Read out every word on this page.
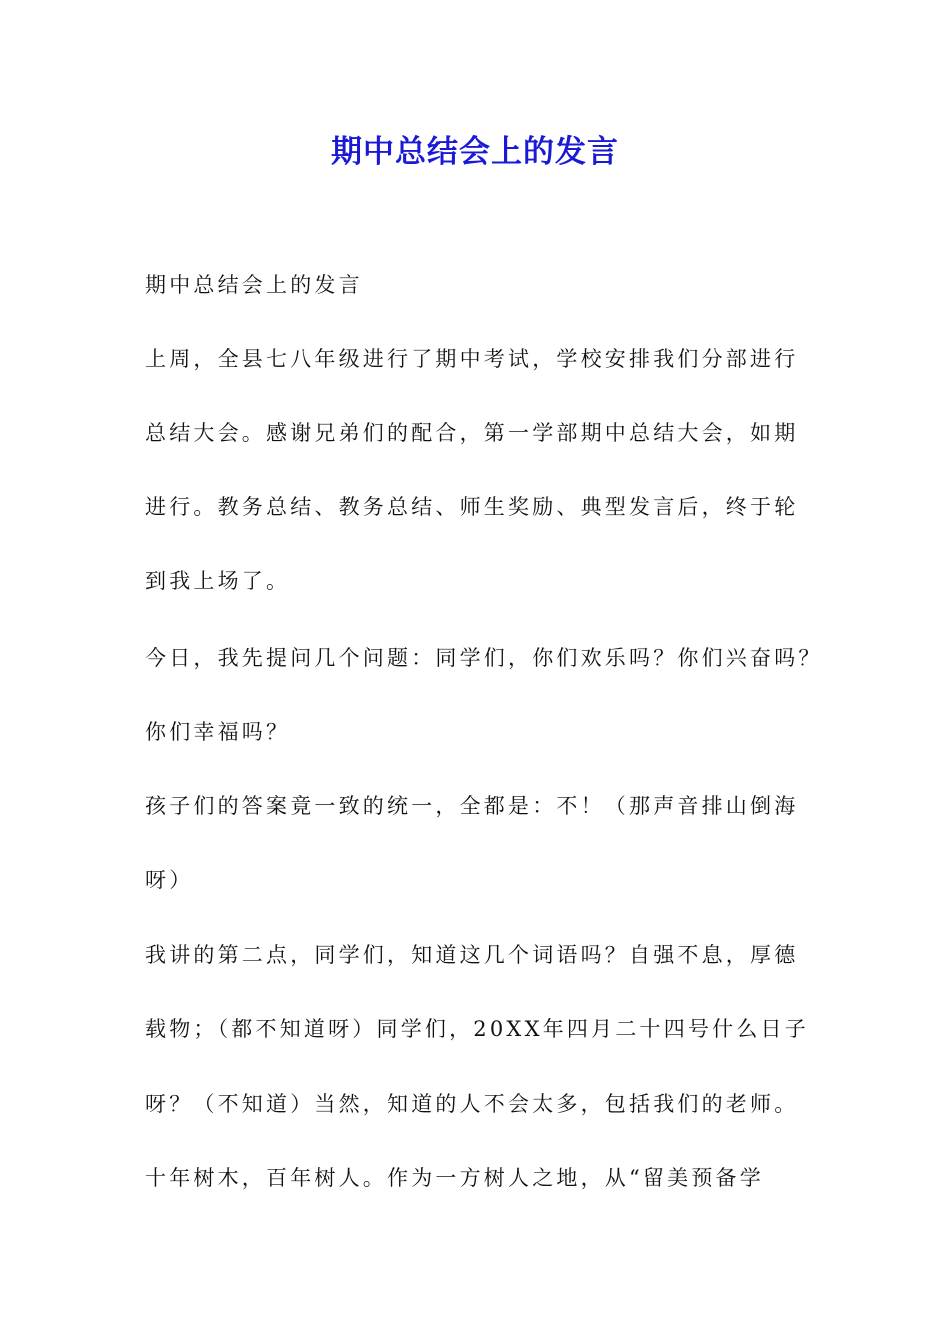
期中总结会上的发言
期中总结会上的发言
上周，全县七八年级进行了期中考试，学校安排我们分部进行
总结大会。感谢兄弟们的配合，第一学部期中总结大会，如期
进行。教务总结、教务总结、师生奖励、典型发言后，终于轮
到我上场了。
今日，我先提问几个问题：同学们，你们欢乐吗？你们兴奋吗？
你们幸福吗？
孩子们的答案竟一致的统一，全都是：不！（那声音排山倒海
呀）
我讲的第二点，同学们，知道这几个词语吗？自强不息，厚德
载物；（都不知道呀）同学们，20XX年四月二十四号什么日子
呀？（不知道）当然，知道的人不会太多，包括我们的老师。
十年树木，百年树人。作为一方树人之地，从“留美预备学
